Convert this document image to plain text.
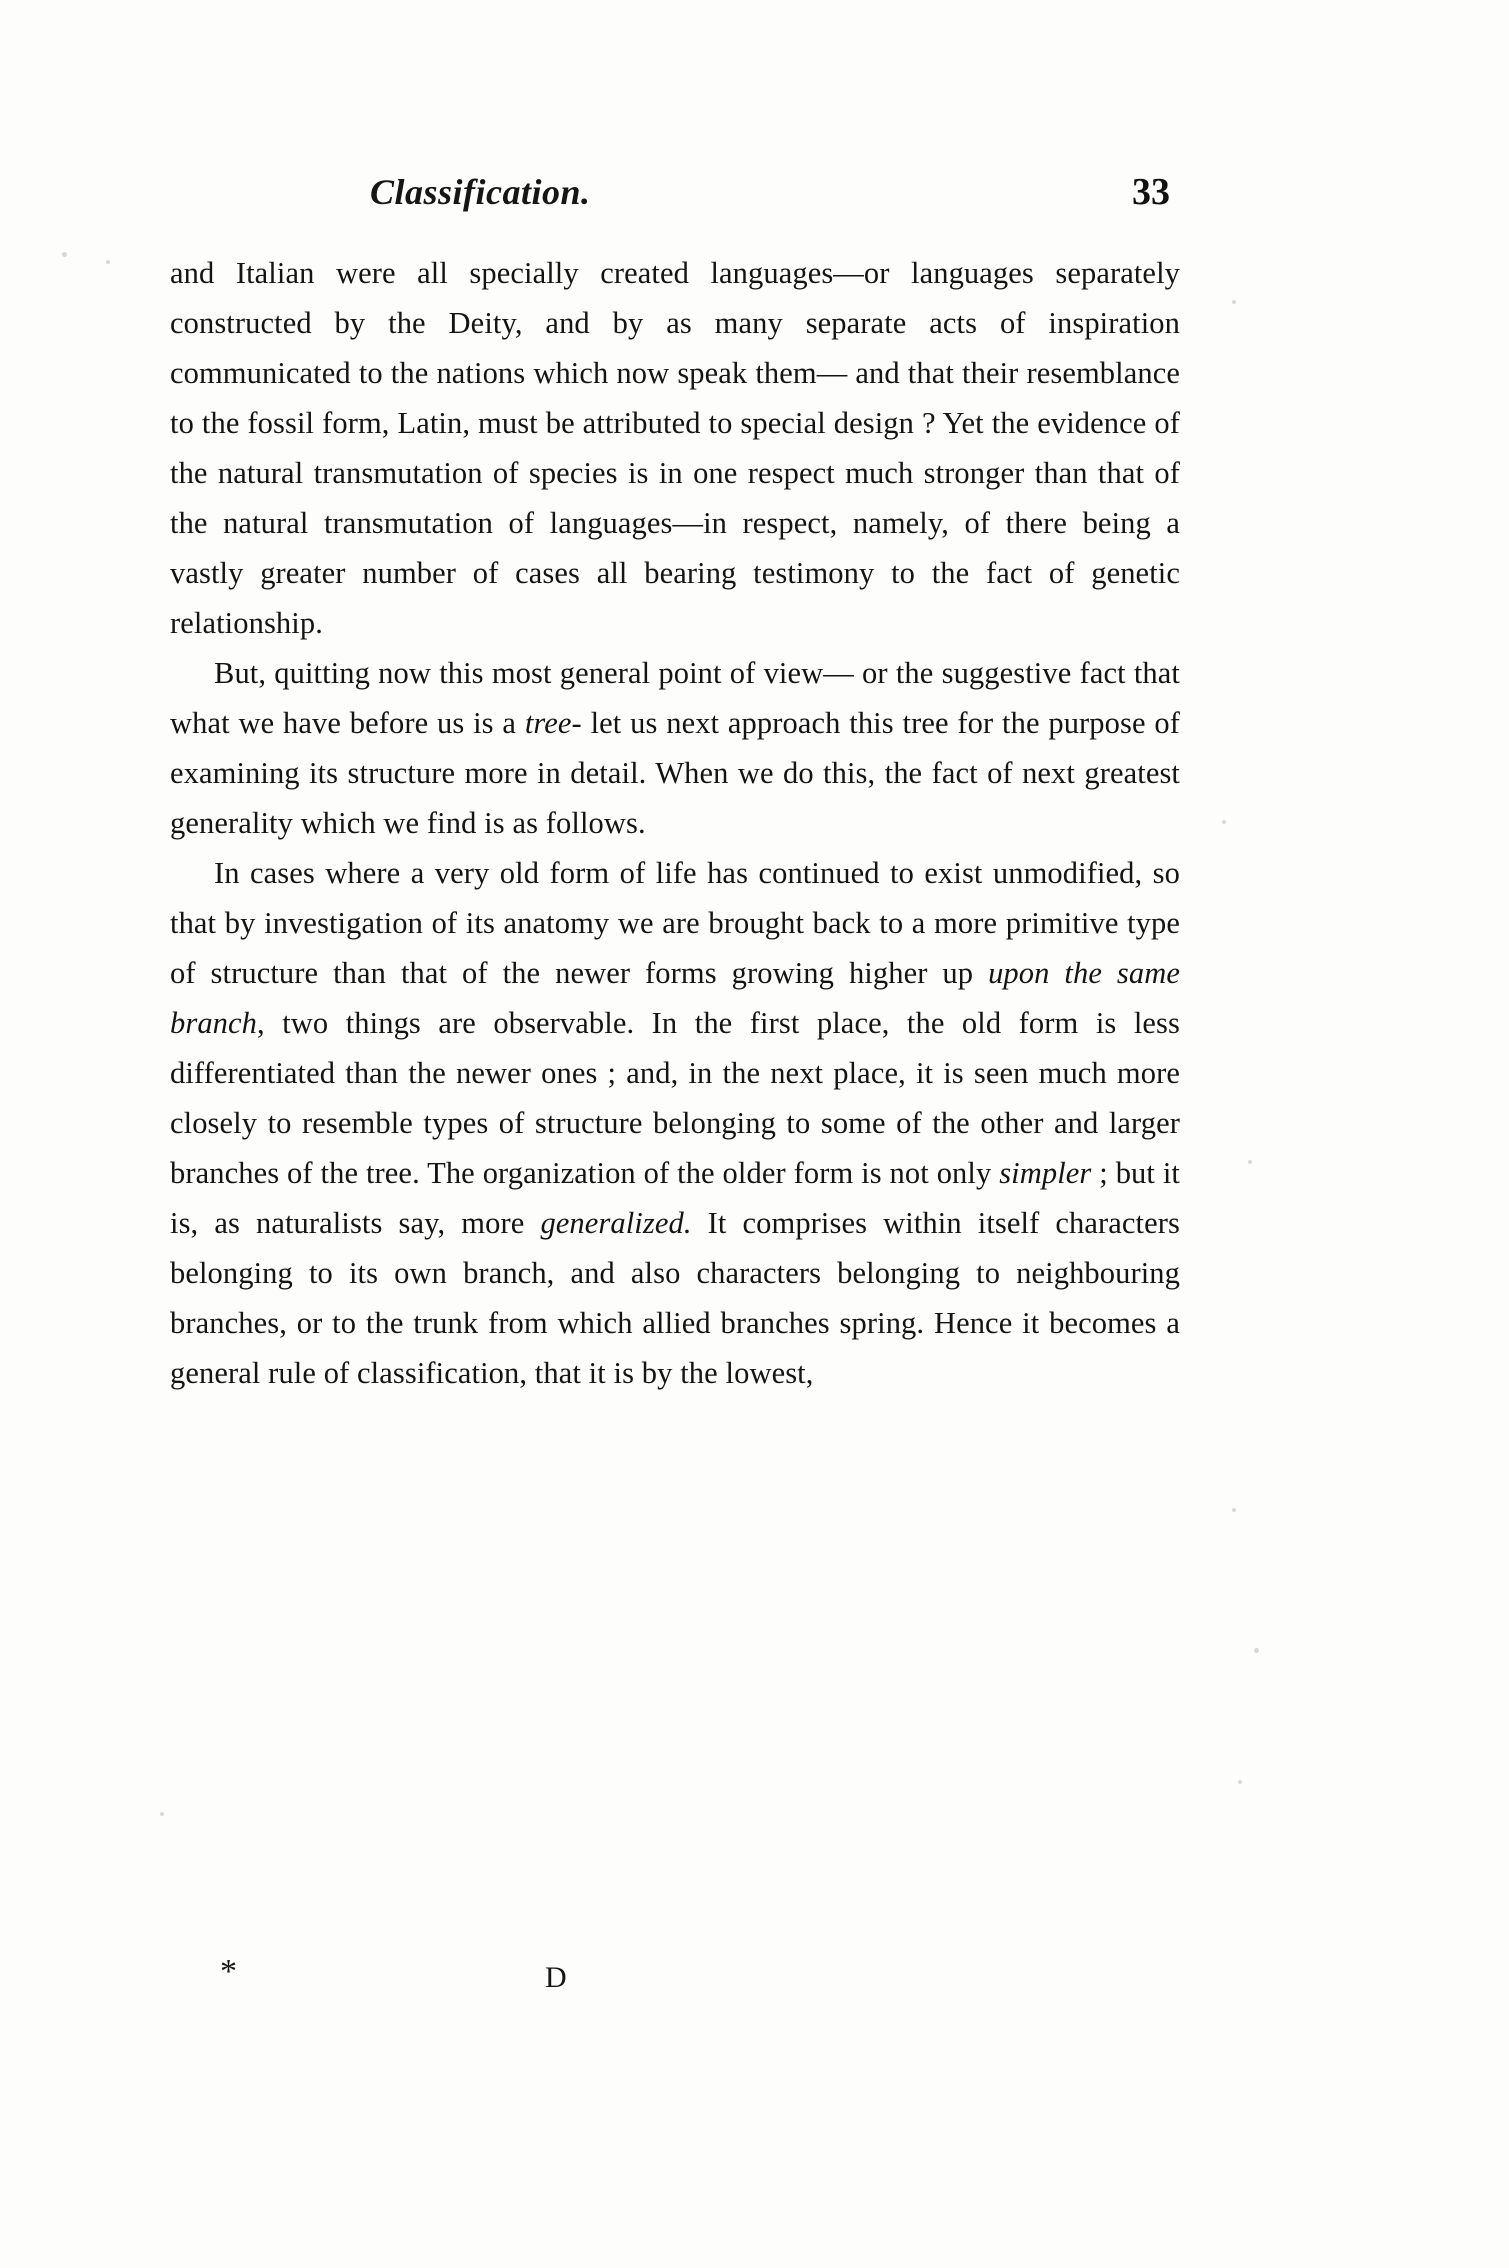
Classification.	33

and Italian were all specially created languages—or languages separately constructed by the Deity, and by as many separate acts of inspiration communicated to the nations which now speak them— and that their resemblance to the fossil form, Latin, must be attributed to special design ? Yet the evidence of the natural transmutation of species is in one respect much stronger than that of the natural transmutation of languages—in respect, namely, of there being a vastly greater number of cases all bearing testimony to the fact of genetic relationship.

But, quitting now this most general point of view— or the suggestive fact that what we have before us is a tree- let us next approach this tree for the purpose of examining its structure more in detail. When we do this, the fact of next greatest generality which we find is as follows.

In cases where a very old form of life has continued to exist unmodified, so that by investigation of its anatomy we are brought back to a more primitive type of structure than that of the newer forms growing higher up upon the same branch, two things are observable. In the first place, the old form is less differentiated than the newer ones ; and, in the next place, it is seen much more closely to resemble types of structure belonging to some of the other and larger branches of the tree. The organization of the older form is not only simpler ; but it is, as naturalists say, more generalized. It comprises within itself characters belonging to its own branch, and also characters belonging to neighbouring branches, or to the trunk from which allied branches spring. Hence it becomes a general rule of classification, that it is by the lowest,

*	D
